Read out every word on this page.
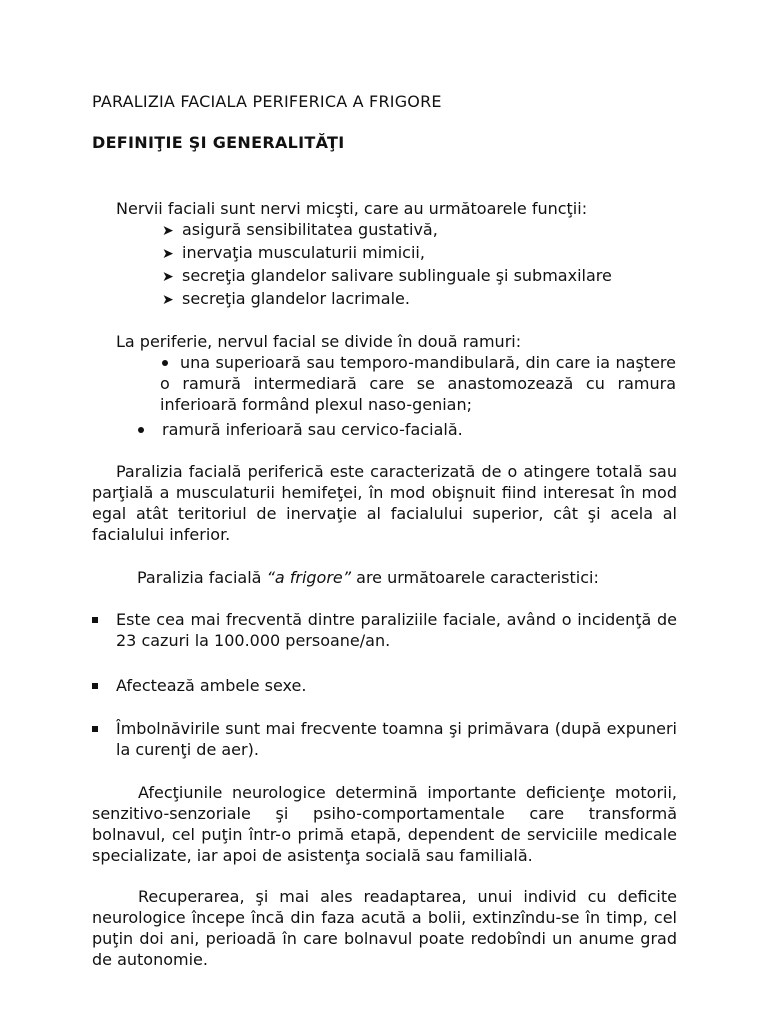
PARALIZIA FACIALA PERIFERICA A FRIGORE
DEFINIŢIE ŞI GENERALITĂŢI
Nervii faciali sunt nervi micşti, care au următoarele funcţii:
➤ asigură sensibilitatea gustativă,
➤ inervaţia musculaturii mimicii,
➤ secreţia glandelor salivare sublinguale şi submaxilare
➤ secreţia glandelor lacrimale.
La periferie, nervul facial se divide în două ramuri:
una superioară sau temporo-mandibulară, din care ia naştere o ramură intermediară care se anastomozează cu ramura inferioară formând plexul naso-genian;
ramură inferioară sau cervico-facială.
Paralizia facială periferică este caracterizată de o atingere totală sau parţială a musculaturii hemifeţei, în mod obişnuit fiind interesat în mod egal atât teritoriul de inervaţie al facialului superior, cât şi acela al facialului inferior.
Paralizia facială “a frigore” are următoarele caracteristici:
Este cea mai frecventă dintre paraliziile faciale, având o incidenţă de 23 cazuri la 100.000 persoane/an.
Afectează ambele sexe.
Îmbolnăvirile sunt mai frecvente toamna şi primăvara (după expuneri la curenţi de aer).
Afecţiunile neurologice determină importante deficienţe motorii, senzitivo-senzoriale şi psiho-comportamentale care transformă bolnavul, cel puţin într-o primă etapă, dependent de serviciile medicale specializate, iar apoi de asistenţa socială sau familială.
Recuperarea, şi mai ales readaptarea, unui individ cu deficite neurologice începe încă din faza acută a bolii, extinzîndu-se în timp, cel puţin doi ani, perioadă în care bolnavul poate redobîndi un anume grad de autonomie.
